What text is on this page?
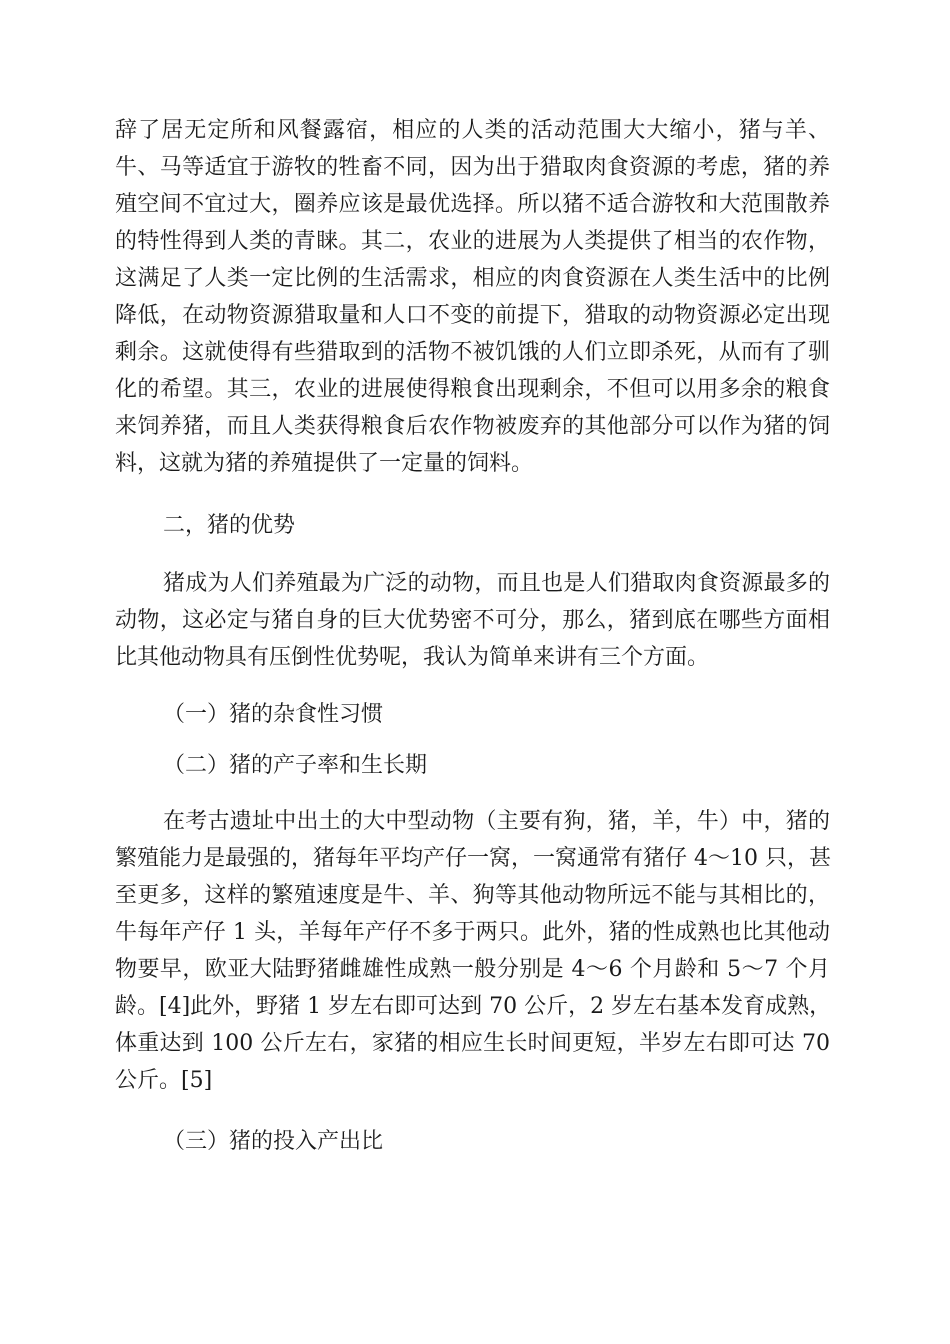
辞了居无定所和风餐露宿，相应的人类的活动范围大大缩小，猪与羊、
牛、马等适宜于游牧的牲畜不同，因为出于猎取肉食资源的考虑，猪的养
殖空间不宜过大，圈养应该是最优选择。所以猪不适合游牧和大范围散养
的特性得到人类的青睐。其二，农业的进展为人类提供了相当的农作物，
这满足了人类一定比例的生活需求，相应的肉食资源在人类生活中的比例
降低，在动物资源猎取量和人口不变的前提下，猎取的动物资源必定出现
剩余。这就使得有些猎取到的活物不被饥饿的人们立即杀死，从而有了驯
化的希望。其三，农业的进展使得粮食出现剩余，不但可以用多余的粮食
来饲养猪，而且人类获得粮食后农作物被废弃的其他部分可以作为猪的饲
料，这就为猪的养殖提供了一定量的饲料。
二，猪的优势
猪成为人们养殖最为广泛的动物，而且也是人们猎取肉食资源最多的
动物，这必定与猪自身的巨大优势密不可分，那么，猪到底在哪些方面相
比其他动物具有压倒性优势呢，我认为简单来讲有三个方面。
（一）猪的杂食性习惯
（二）猪的产子率和生长期
在考古遗址中出土的大中型动物（主要有狗，猪，羊，牛）中，猪的
繁殖能力是最强的，猪每年平均产仔一窝，一窝通常有猪仔 4～10 只，甚
至更多，这样的繁殖速度是牛、羊、狗等其他动物所远不能与其相比的，
牛每年产仔 1 头，羊每年产仔不多于两只。此外，猪的性成熟也比其他动
物要早，欧亚大陆野猪雌雄性成熟一般分别是 4～6 个月龄和 5～7 个月
龄。[4]此外，野猪 1 岁左右即可达到 70 公斤，2 岁左右基本发育成熟，
体重达到 100 公斤左右，家猪的相应生长时间更短，半岁左右即可达 70
公斤。[5]
（三）猪的投入产出比
